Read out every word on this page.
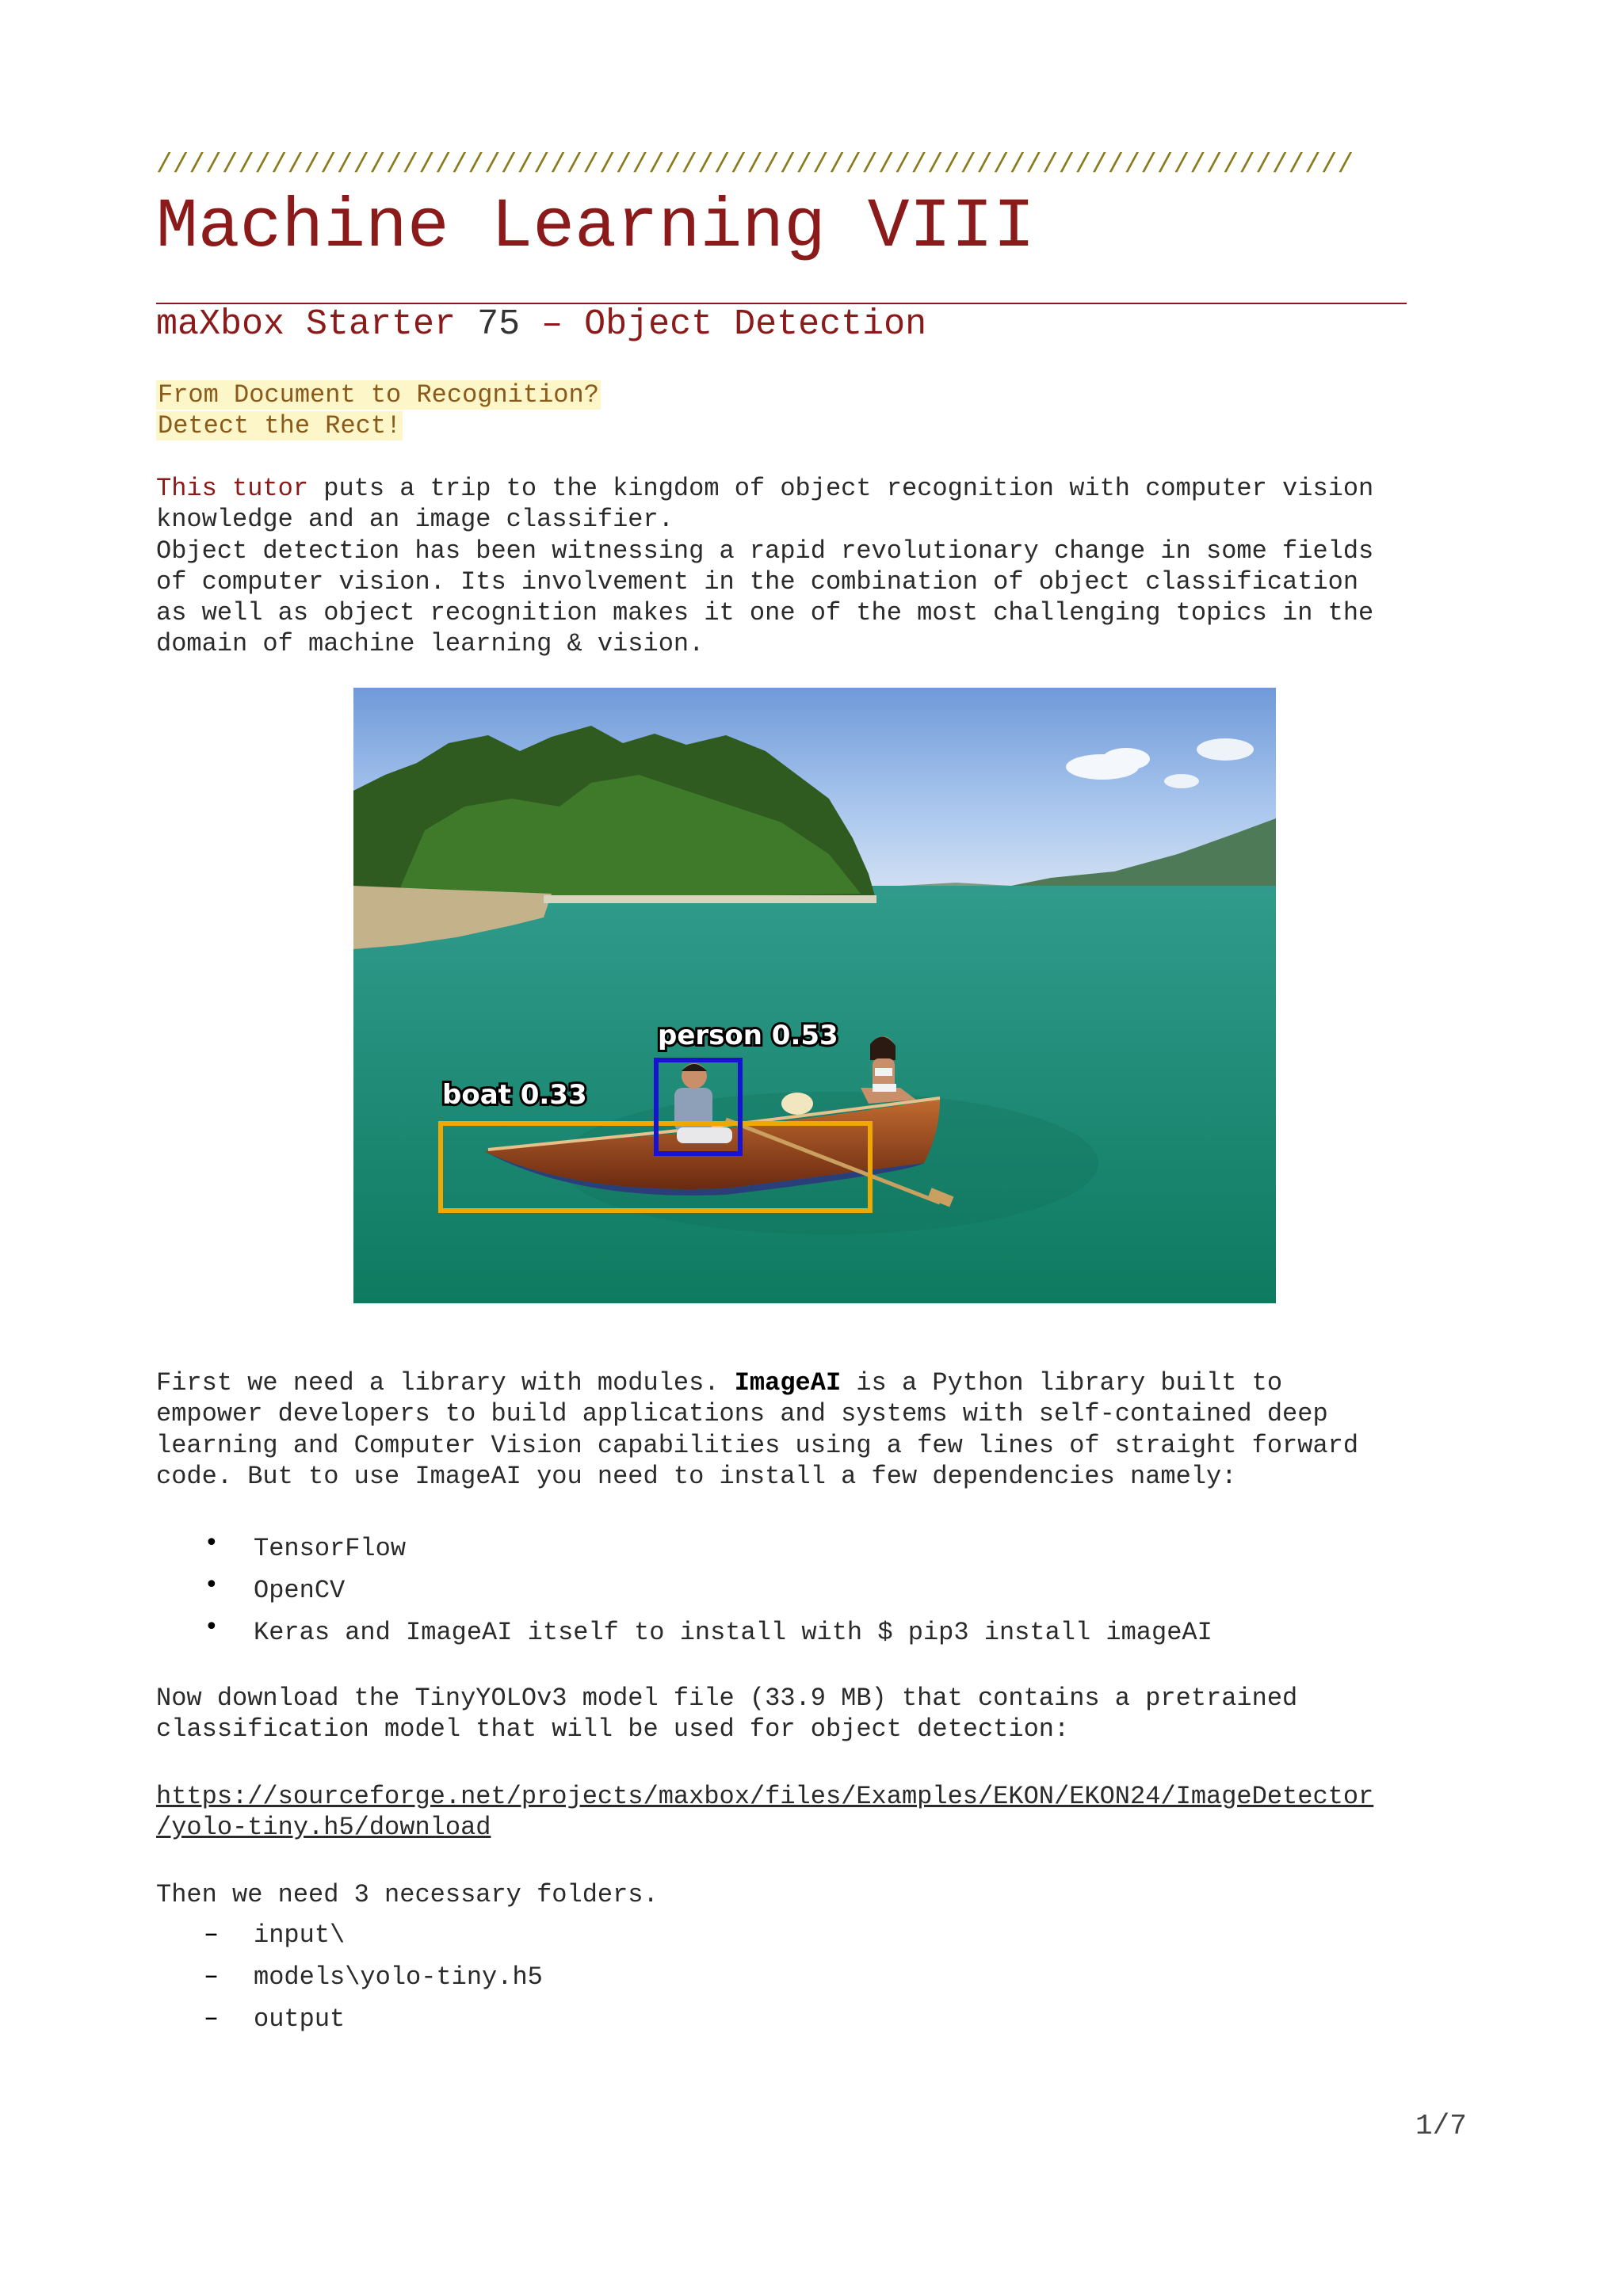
/////////////////////////////////////////////////////////////////////////
Machine Learning VIII
maXbox Starter 75 – Object Detection
From Document to Recognition?
Detect the Rect!
This tutor puts a trip to the kingdom of object recognition with computer vision
knowledge and an image classifier.
Object detection has been witnessing a rapid revolutionary change in some fields
of computer vision. Its involvement in the combination of object classification
as well as object recognition makes it one of the most challenging topics in the
domain of machine learning & vision.
boat 0.33
person 0.53
First we need a library with modules. ImageAI is a Python library built to
empower developers to build applications and systems with self-contained deep
learning and Computer Vision capabilities using a few lines of straight forward
code. But to use ImageAI you need to install a few dependencies namely:
• TensorFlow
• OpenCV
• Keras and ImageAI itself to install with $ pip3 install imageAI
Now download the TinyYOLOv3 model file (33.9 MB) that contains a pretrained
classification model that will be used for object detection:
https://sourceforge.net/projects/maxbox/files/Examples/EKON/EKON24/ImageDetector
/yolo-tiny.h5/download
Then we need 3 necessary folders.
– input\
– models\yolo-tiny.h5
– output
1/7
